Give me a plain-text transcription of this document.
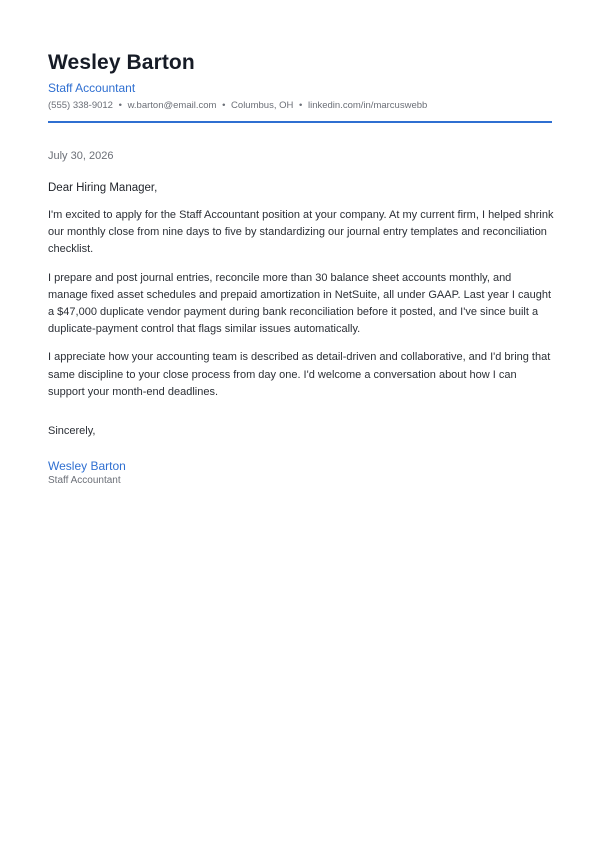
Wesley Barton
Staff Accountant
(555) 338-9012 • w.barton@email.com • Columbus, OH • linkedin.com/in/marcuswebb
July 30, 2026
Dear Hiring Manager,

I'm excited to apply for the Staff Accountant position at your company. At my current firm, I helped shrink our monthly close from nine days to five by standardizing our journal entry templates and reconciliation checklist.

I prepare and post journal entries, reconcile more than 30 balance sheet accounts monthly, and manage fixed asset schedules and prepaid amortization in NetSuite, all under GAAP. Last year I caught a $47,000 duplicate vendor payment during bank reconciliation before it posted, and I've since built a duplicate-payment control that flags similar issues automatically.

I appreciate how your accounting team is described as detail-driven and collaborative, and I'd bring that same discipline to your close process from day one. I'd welcome a conversation about how I can support your month-end deadlines.

Sincerely,
Wesley Barton
Staff Accountant
